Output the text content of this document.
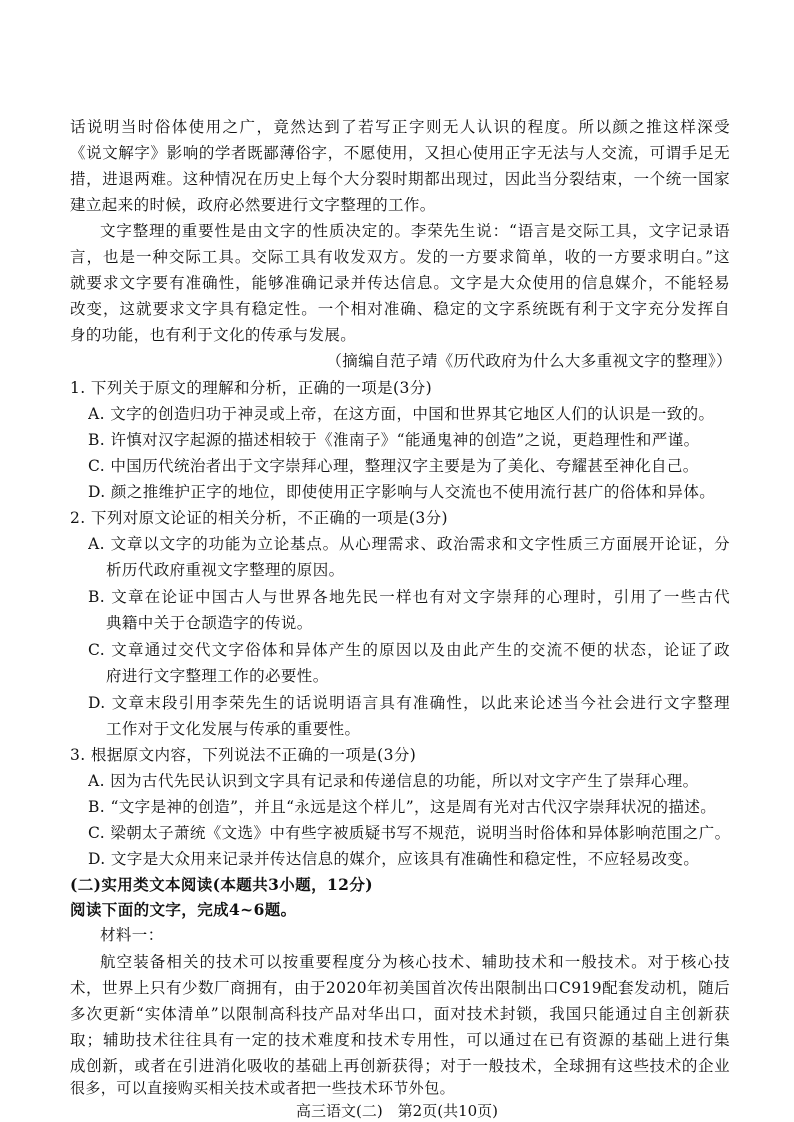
话说明当时俗体使用之广，竟然达到了若写正字则无人认识的程度。所以颜之推这样深受
《说文解字》影响的学者既鄙薄俗字，不愿使用，又担心使用正字无法与人交流，可谓手足无
措，进退两难。这种情况在历史上每个大分裂时期都出现过，因此当分裂结束，一个统一国家
建立起来的时候，政府必然要进行文字整理的工作。
文字整理的重要性是由文字的性质决定的。李荣先生说：“语言是交际工具，文字记录语
言，也是一种交际工具。交际工具有收发双方。发的一方要求简单，收的一方要求明白。”这
就要求文字要有准确性，能够准确记录并传达信息。文字是大众使用的信息媒介，不能轻易
改变，这就要求文字具有稳定性。一个相对准确、稳定的文字系统既有利于文字充分发挥自
身的功能，也有利于文化的传承与发展。
（摘编自范子靖《历代政府为什么大多重视文字的整理》）
1. 下列关于原文的理解和分析，正确的一项是(3分)
A. 文字的创造归功于神灵或上帝，在这方面，中国和世界其它地区人们的认识是一致的。
B. 许慎对汉字起源的描述相较于《淮南子》“能通鬼神的创造”之说，更趋理性和严谨。
C. 中国历代统治者出于文字崇拜心理，整理汉字主要是为了美化、夸耀甚至神化自己。
D. 颜之推维护正字的地位，即使使用正字影响与人交流也不使用流行甚广的俗体和异体。
2. 下列对原文论证的相关分析，不正确的一项是(3分)
A. 文章以文字的功能为立论基点。从心理需求、政治需求和文字性质三方面展开论证，分
析历代政府重视文字整理的原因。
B. 文章在论证中国古人与世界各地先民一样也有对文字崇拜的心理时，引用了一些古代
典籍中关于仓颉造字的传说。
C. 文章通过交代文字俗体和异体产生的原因以及由此产生的交流不便的状态，论证了政
府进行文字整理工作的必要性。
D. 文章末段引用李荣先生的话说明语言具有准确性，以此来论述当今社会进行文字整理
工作对于文化发展与传承的重要性。
3. 根据原文内容，下列说法不正确的一项是(3分)
A. 因为古代先民认识到文字具有记录和传递信息的功能，所以对文字产生了崇拜心理。
B. “文字是神的创造”，并且“永远是这个样儿”，这是周有光对古代汉字崇拜状况的描述。
C. 梁朝太子萧统《文选》中有些字被质疑书写不规范，说明当时俗体和异体影响范围之广。
D. 文字是大众用来记录并传达信息的媒介，应该具有准确性和稳定性，不应轻易改变。
(二)实用类文本阅读(本题共3小题，12分)
阅读下面的文字，完成4~6题。
材料一：
航空装备相关的技术可以按重要程度分为核心技术、辅助技术和一般技术。对于核心技
术，世界上只有少数厂商拥有，由于2020年初美国首次传出限制出口C919配套发动机，随后
多次更新“实体清单”以限制高科技产品对华出口，面对技术封锁，我国只能通过自主创新获
取；辅助技术往往具有一定的技术难度和技术专用性，可以通过在已有资源的基础上进行集
成创新，或者在引进消化吸收的基础上再创新获得；对于一般技术，全球拥有这些技术的企业
很多，可以直接购买相关技术或者把一些技术环节外包。
高三语文(二)　第2页(共10页)
